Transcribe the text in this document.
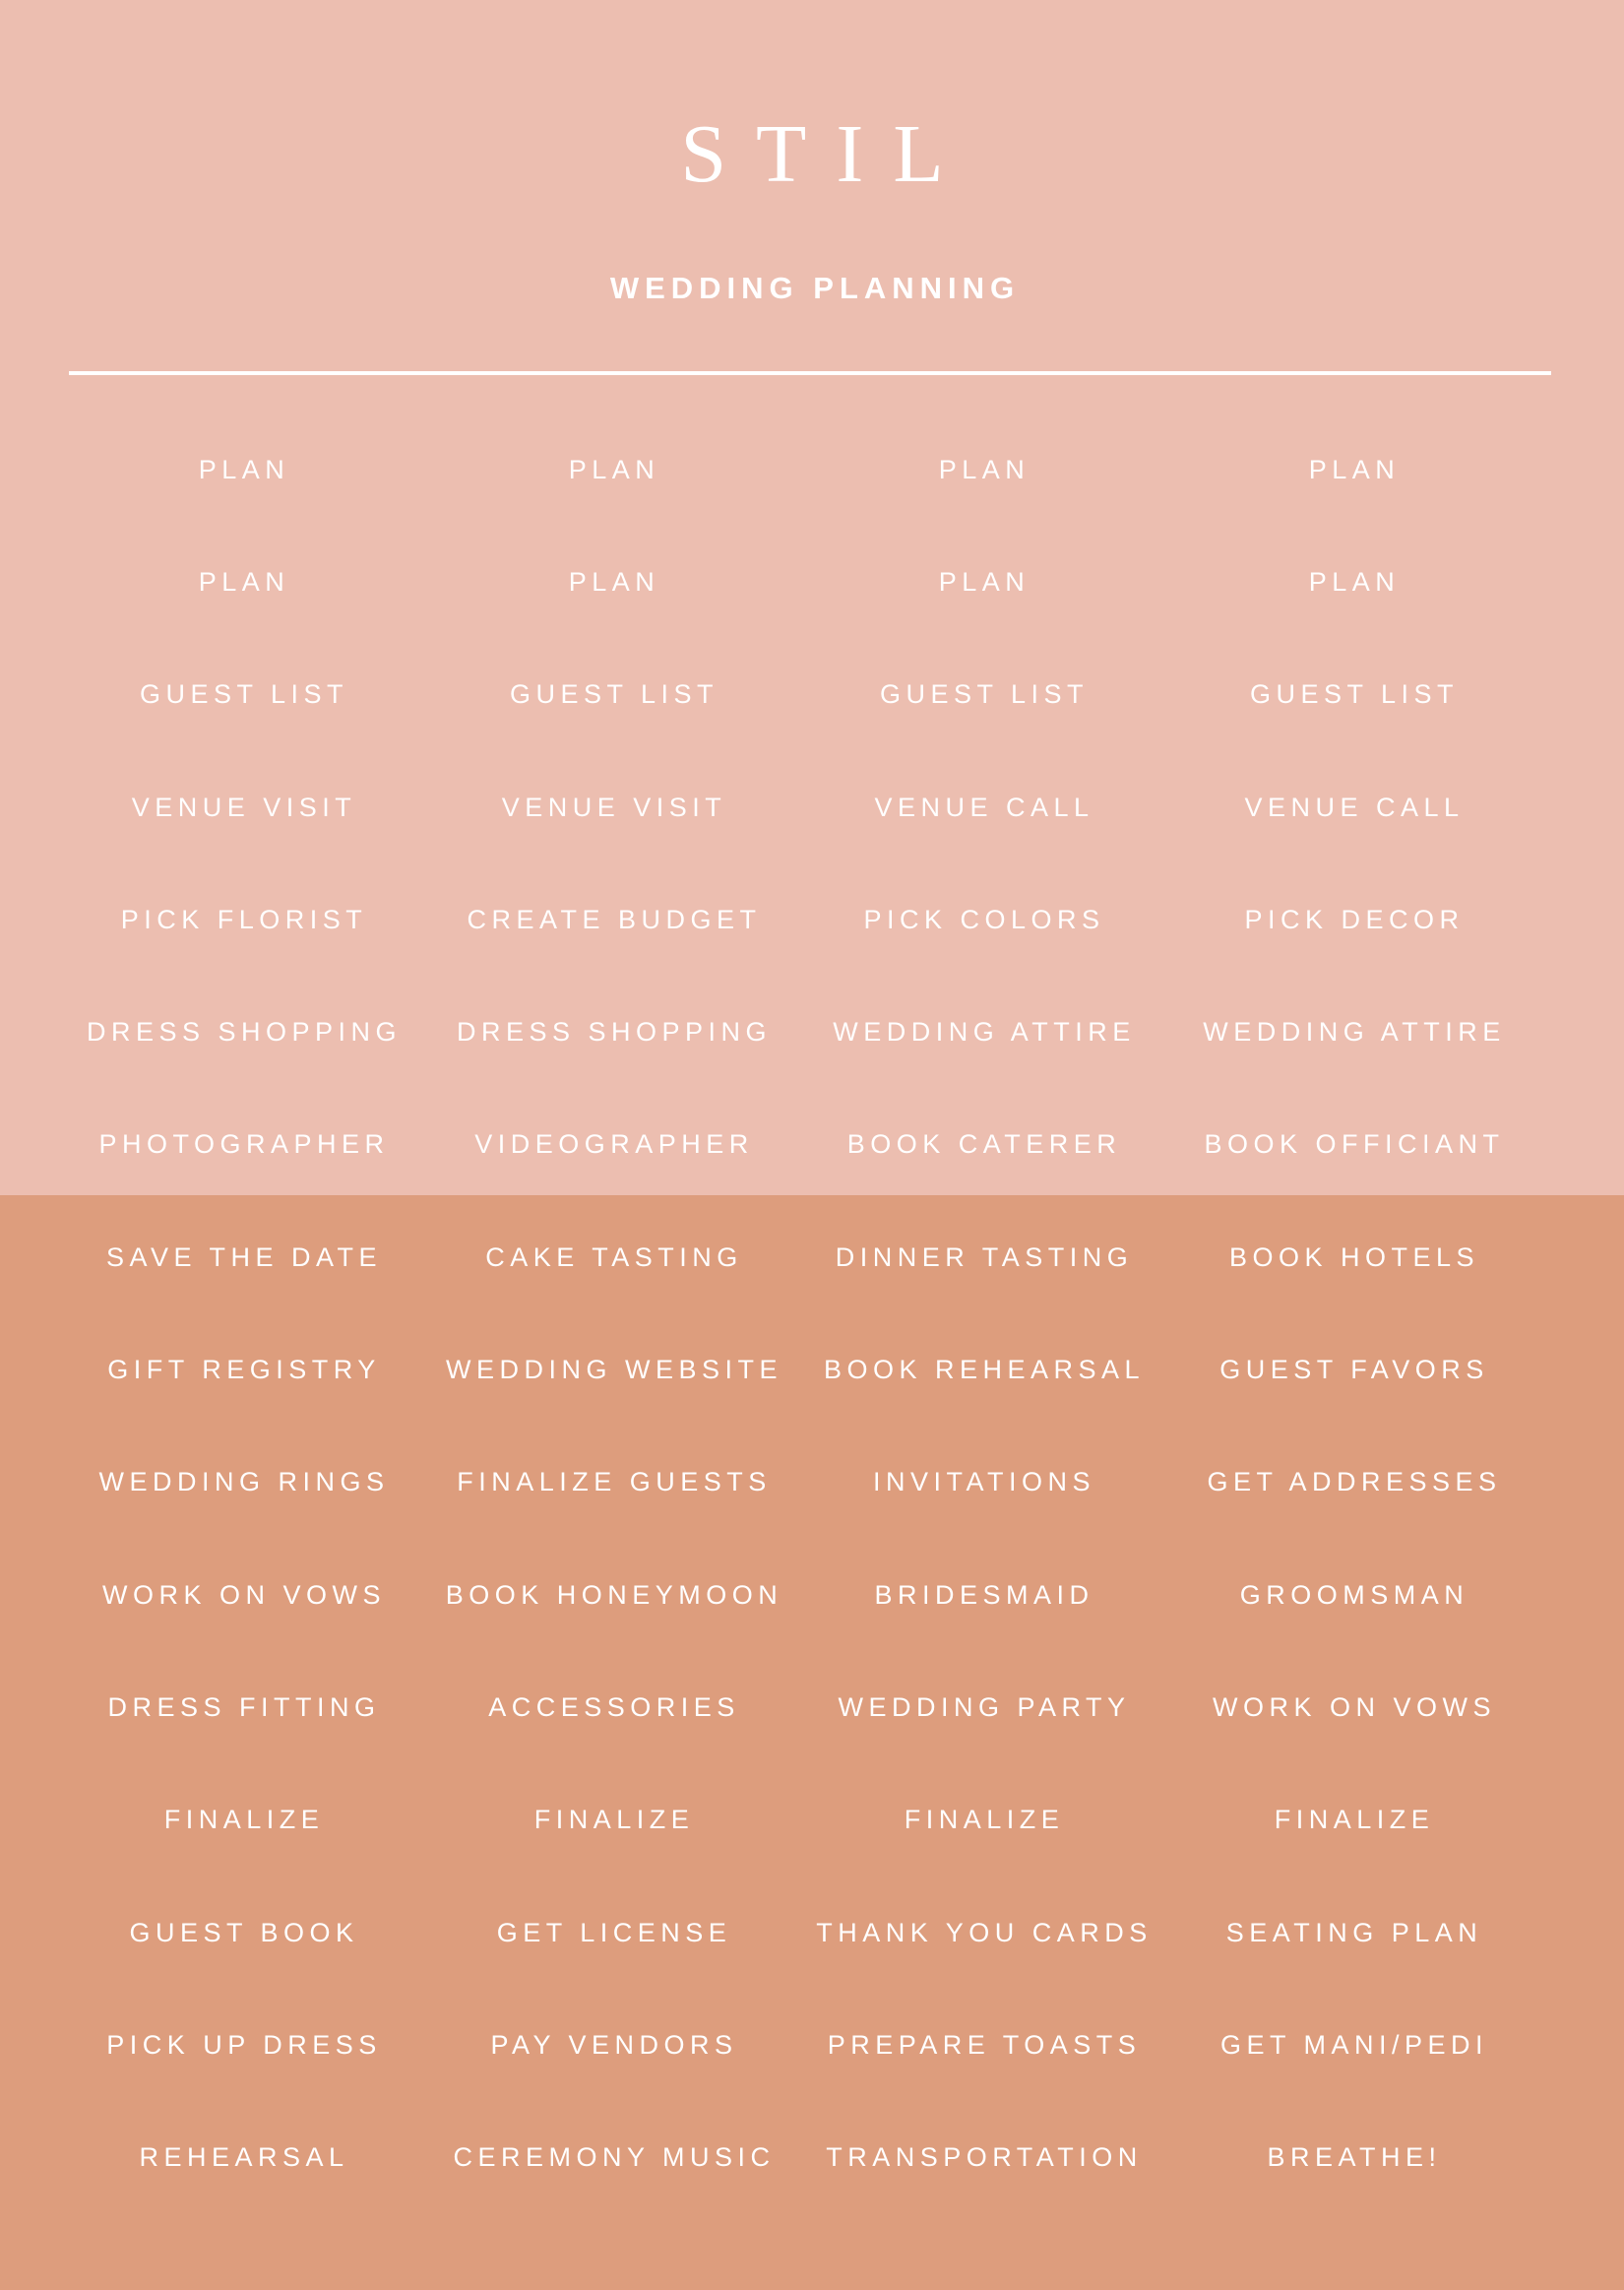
STIL
WEDDING PLANNING
PLAN	PLAN	PLAN	PLAN
PLAN	PLAN	PLAN	PLAN
GUEST LIST	GUEST LIST	GUEST LIST	GUEST LIST
VENUE VISIT	VENUE VISIT	VENUE CALL	VENUE CALL
PICK FLORIST	CREATE BUDGET	PICK COLORS	PICK DECOR
DRESS SHOPPING	DRESS SHOPPING	WEDDING ATTIRE	WEDDING ATTIRE
PHOTOGRAPHER	VIDEOGRAPHER	BOOK CATERER	BOOK OFFICIANT
SAVE THE DATE	CAKE TASTING	DINNER TASTING	BOOK HOTELS
GIFT REGISTRY	WEDDING WEBSITE	BOOK REHEARSAL	GUEST FAVORS
WEDDING RINGS	FINALIZE GUESTS	INVITATIONS	GET ADDRESSES
WORK ON VOWS	BOOK HONEYMOON	BRIDESMAID	GROOMSMAN
DRESS FITTING	ACCESSORIES	WEDDING PARTY	WORK ON VOWS
FINALIZE	FINALIZE	FINALIZE	FINALIZE
GUEST BOOK	GET LICENSE	THANK YOU CARDS	SEATING PLAN
PICK UP DRESS	PAY VENDORS	PREPARE TOASTS	GET MANI/PEDI
REHEARSAL	CEREMONY MUSIC	TRANSPORTATION	BREATHE!
